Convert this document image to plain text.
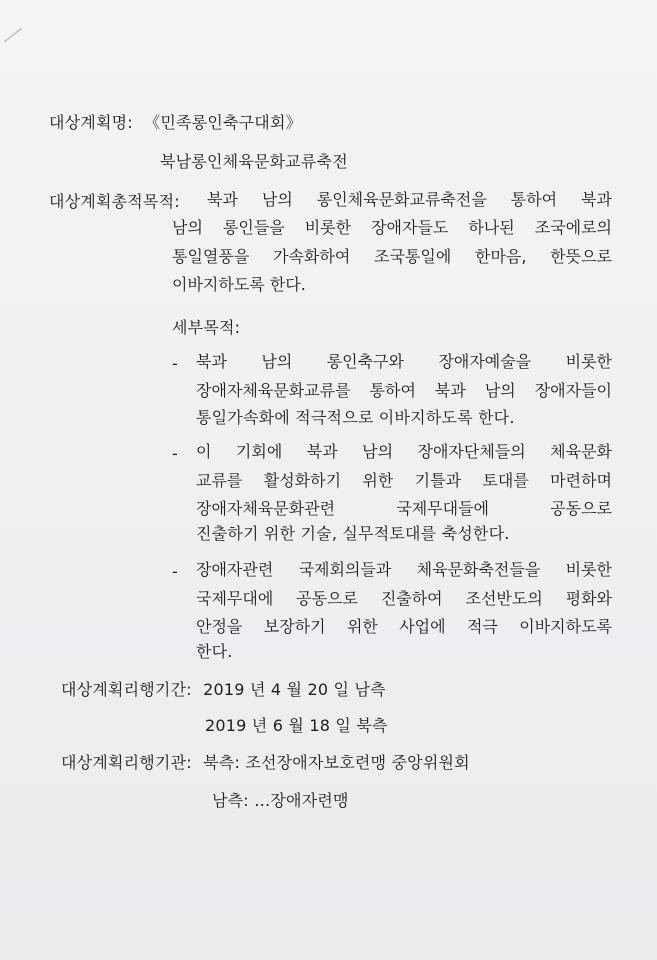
대상계획명: 《민족롱인축구대회》
북남롱인체육문화교류축전
대상계획총적목적: 북과 남의 롱인체육문화교류축전을 통하여 북과
남의 롱인들을 비롯한 장애자들도 하나된 조국에로의
통일열풍을 가속화하여 조국통일에 한마음, 한뜻으로
이바지하도록 한다.
세부목적:
- 북과 남의 롱인축구와 장애자예술을 비롯한
장애자체육문화교류를 통하여 북과 남의 장애자들이
통일가속화에 적극적으로 이바지하도록 한다.
- 이 기회에 북과 남의 장애자단체들의 체육문화
교류를 활성화하기 위한 기틀과 토대를 마련하며
장애자체육문화관련 국제무대들에 공동으로
진출하기 위한 기술, 실무적토대를 축성한다.
- 장애자관련 국제회의들과 체육문화축전들을 비롯한
국제무대에 공동으로 진출하여 조선반도의 평화와
안정을 보장하기 위한 사업에 적극 이바지하도록
한다.
대상계획리행기간: 2019 년 4 월 20 일 남측
2019 년 6 월 18 일 북측
대상계획리행기관: 북측: 조선장애자보호련맹 중앙위원회
남측: …장애자련맹
